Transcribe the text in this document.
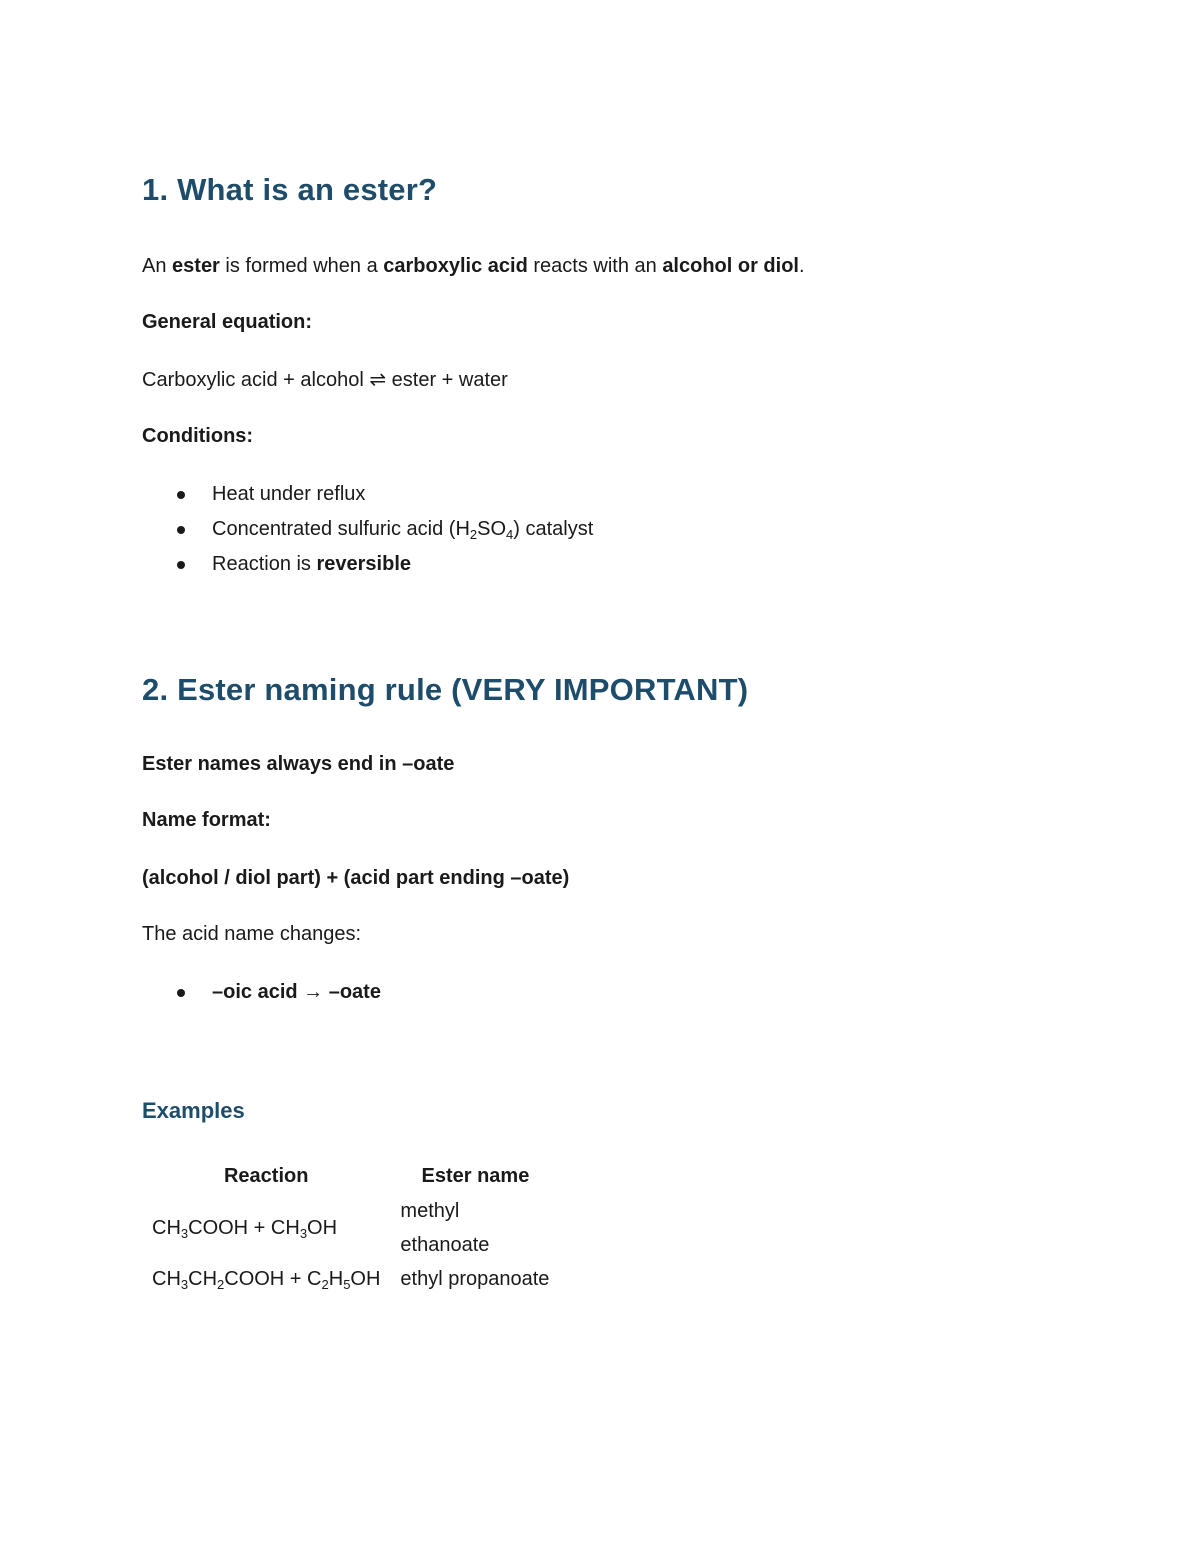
1. What is an ester?

An ester is formed when a carboxylic acid reacts with an alcohol or diol.

General equation:

Carboxylic acid + alcohol ⇌ ester + water

Conditions:

Heat under reflux
Concentrated sulfuric acid $(H_2SO_4)$ catalyst
Reaction is reversible
2. Ester naming rule (VERY IMPORTANT)

Ester names always end in –oate

Name format:

(alcohol / diol part) + (acid part ending –oate)

The acid name changes:

–oic acid → –oate
Examples
Reaction	Ester name
$CH_3COOH + CH_3OH$	methyl ethanoate
$CH_3CH_2COOH + C_2H_5OH$	ethyl propanoate
